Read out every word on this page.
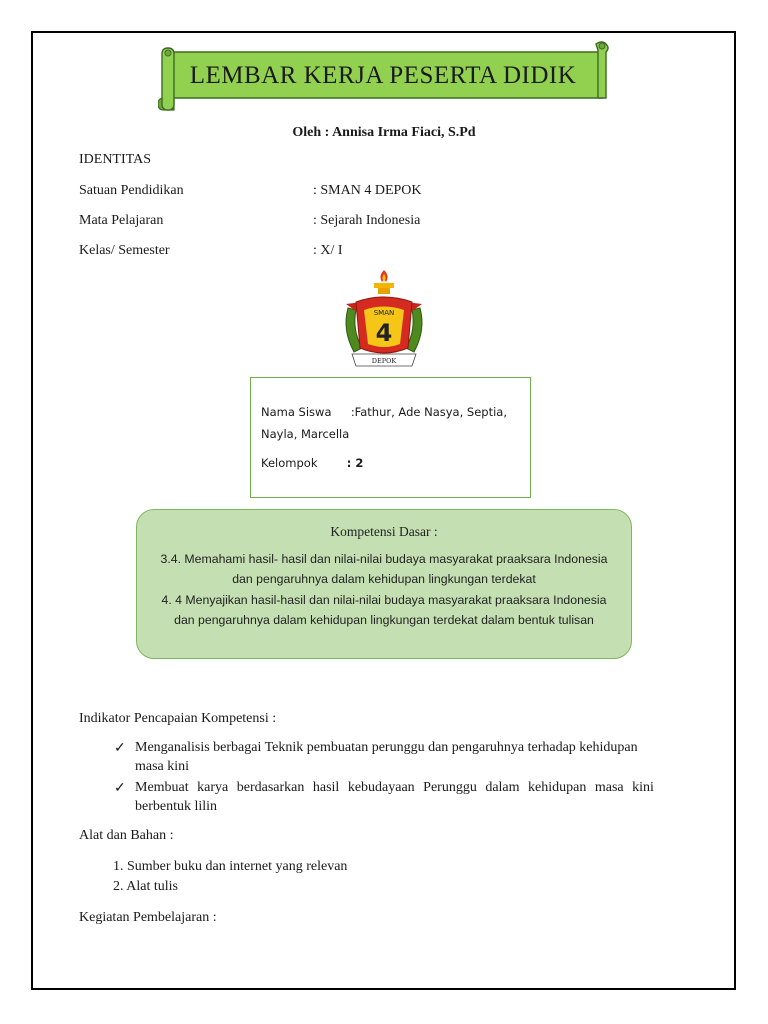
LEMBAR KERJA PESERTA DIDIK
Oleh : Annisa Irma Fiaci, S.Pd
IDENTITAS
Satuan Pendidikan	: SMAN 4 DEPOK
Mata Pelajaran	: Sejarah Indonesia
Kelas/ Semester	: X/ I
SMAN
4
DEPOK
Nama Siswa :Fathur, Ade Nasya, Septia,
Nayla, Marcella
Kelompok	: 2
Kompetensi Dasar :
3.4. Memahami hasil- hasil dan nilai-nilai budaya masyarakat praaksara Indonesia
dan pengaruhnya dalam kehidupan lingkungan terdekat
4. 4 Menyajikan hasil-hasil dan nilai-nilai budaya masyarakat praaksara Indonesia
dan pengaruhnya dalam kehidupan lingkungan terdekat dalam bentuk tulisan
Indikator Pencapaian Kompetensi :
✓ Menganalisis berbagai Teknik pembuatan perunggu dan pengaruhnya terhadap kehidupan
masa kini
✓ Membuat karya berdasarkan hasil kebudayaan Perunggu dalam kehidupan masa kini
berbentuk lilin
Alat dan Bahan :
1. Sumber buku dan internet yang relevan
2. Alat tulis
Kegiatan Pembelajaran :
